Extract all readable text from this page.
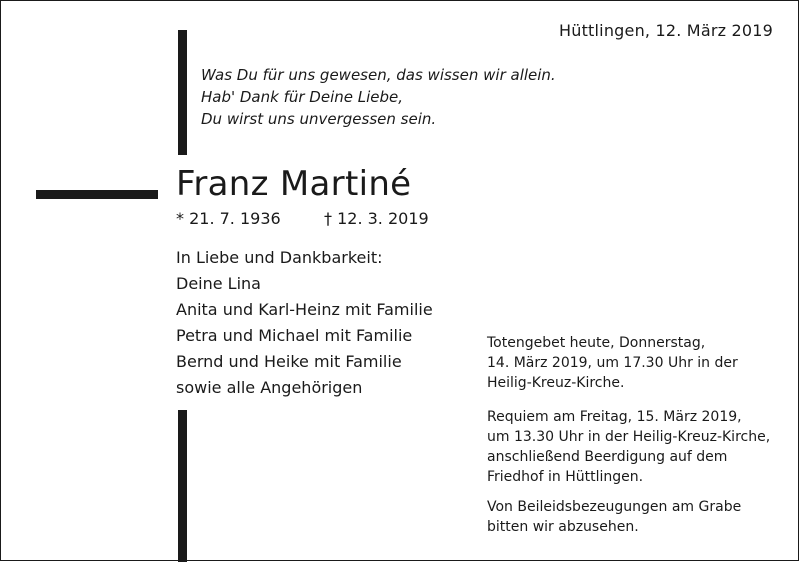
Hüttlingen, 12. März 2019
Was Du für uns gewesen, das wissen wir allein.
Hab' Dank für Deine Liebe,
Du wirst uns unvergessen sein.
Franz Martiné
* 21. 7. 1936	† 12. 3. 2019
In Liebe und Dankbarkeit:
Deine Lina
Anita und Karl-Heinz mit Familie
Petra und Michael mit Familie
Bernd und Heike mit Familie
sowie alle Angehörigen
Totengebet heute, Donnerstag,
14. März 2019, um 17.30 Uhr in der
Heilig-Kreuz-Kirche.
Requiem am Freitag, 15. März 2019,
um 13.30 Uhr in der Heilig-Kreuz-Kirche,
anschließend Beerdigung auf dem
Friedhof in Hüttlingen.
Von Beileidsbezeugungen am Grabe
bitten wir abzusehen.
